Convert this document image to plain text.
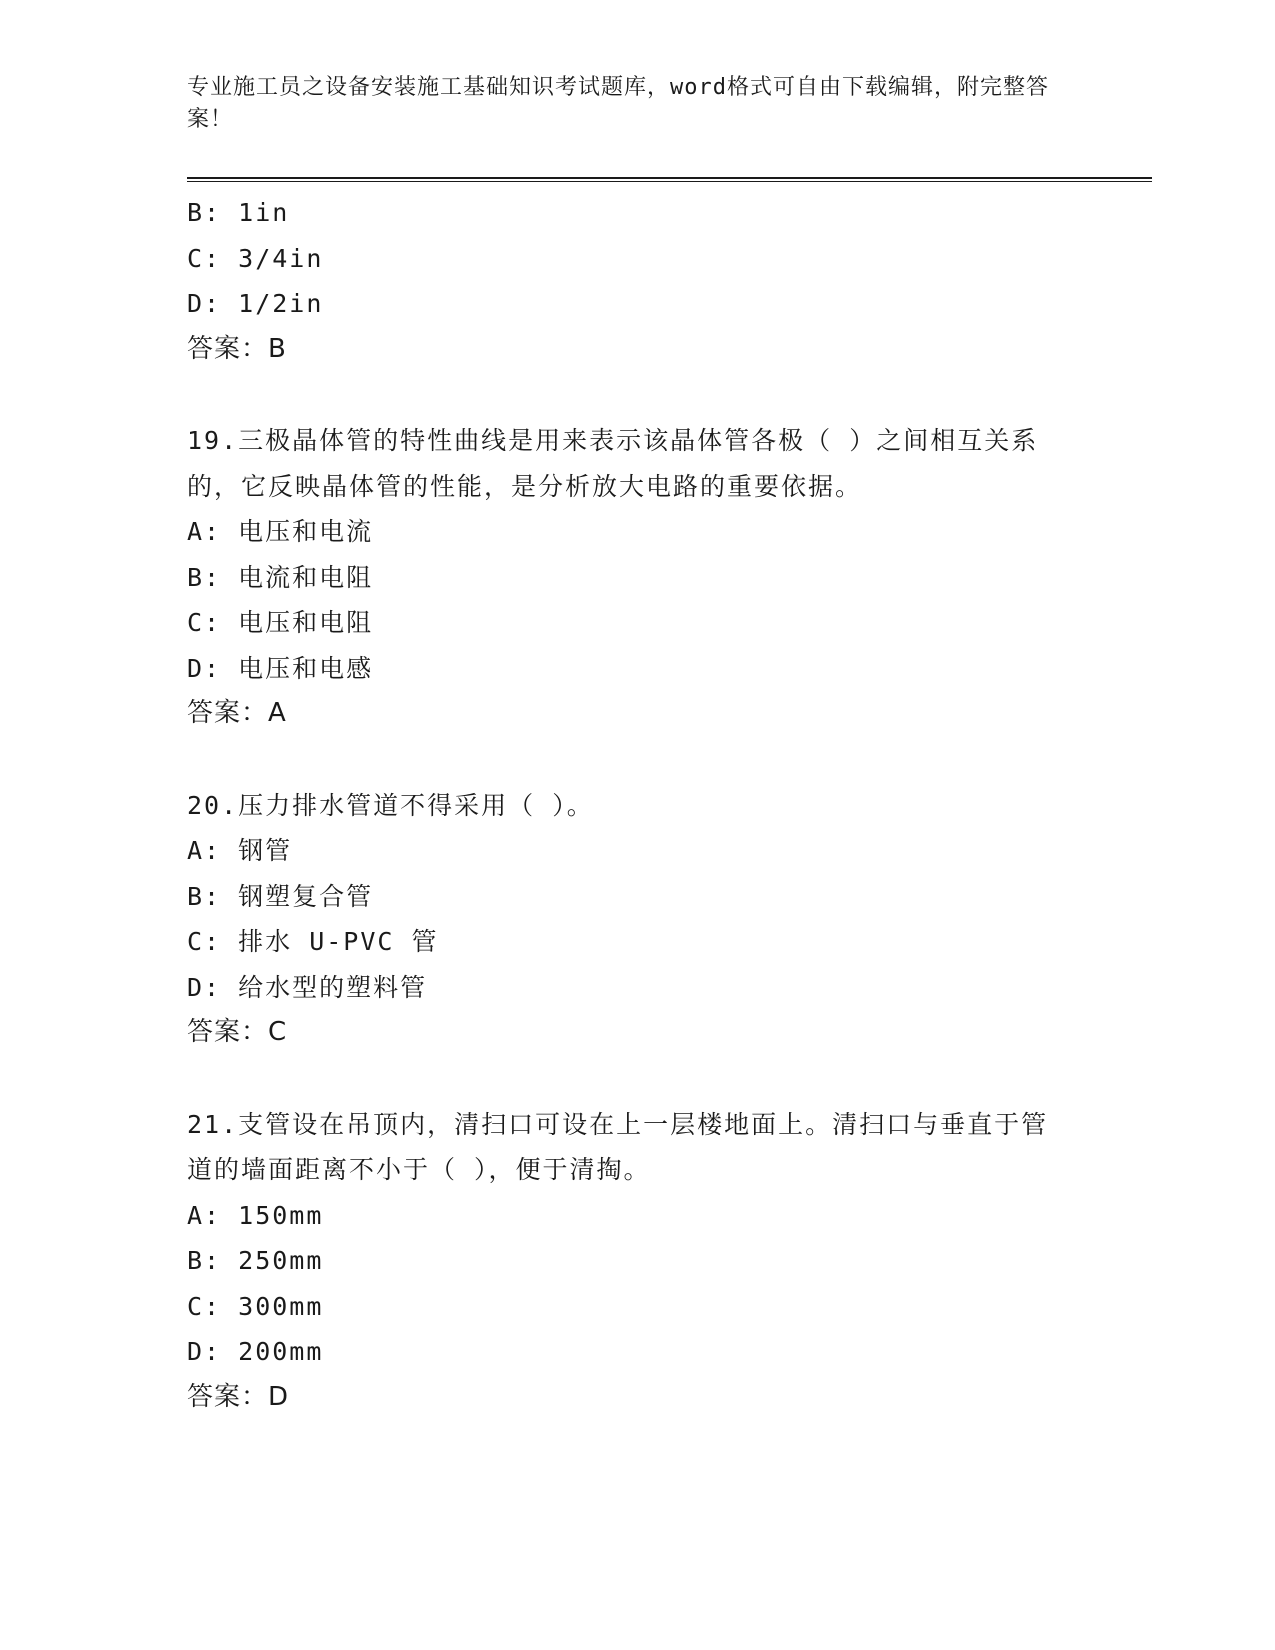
专业施工员之设备安装施工基础知识考试题库，word格式可自由下载编辑，附完整答案！
B: 1in
C: 3/4in
D: 1/2in
答案：B
19.三极晶体管的特性曲线是用来表示该晶体管各极（ ）之间相互关系的，它反映晶体管的性能，是分析放大电路的重要依据。
A: 电压和电流
B: 电流和电阻
C: 电压和电阻
D: 电压和电感
答案：A
20.压力排水管道不得采用（ ）。
A: 钢管
B: 钢塑复合管
C: 排水 U-PVC 管
D: 给水型的塑料管
答案：C
21.支管设在吊顶内，清扫口可设在上一层楼地面上。清扫口与垂直于管道的墙面距离不小于（ ），便于清掏。
A: 150mm
B: 250mm
C: 300mm
D: 200mm
答案：D
